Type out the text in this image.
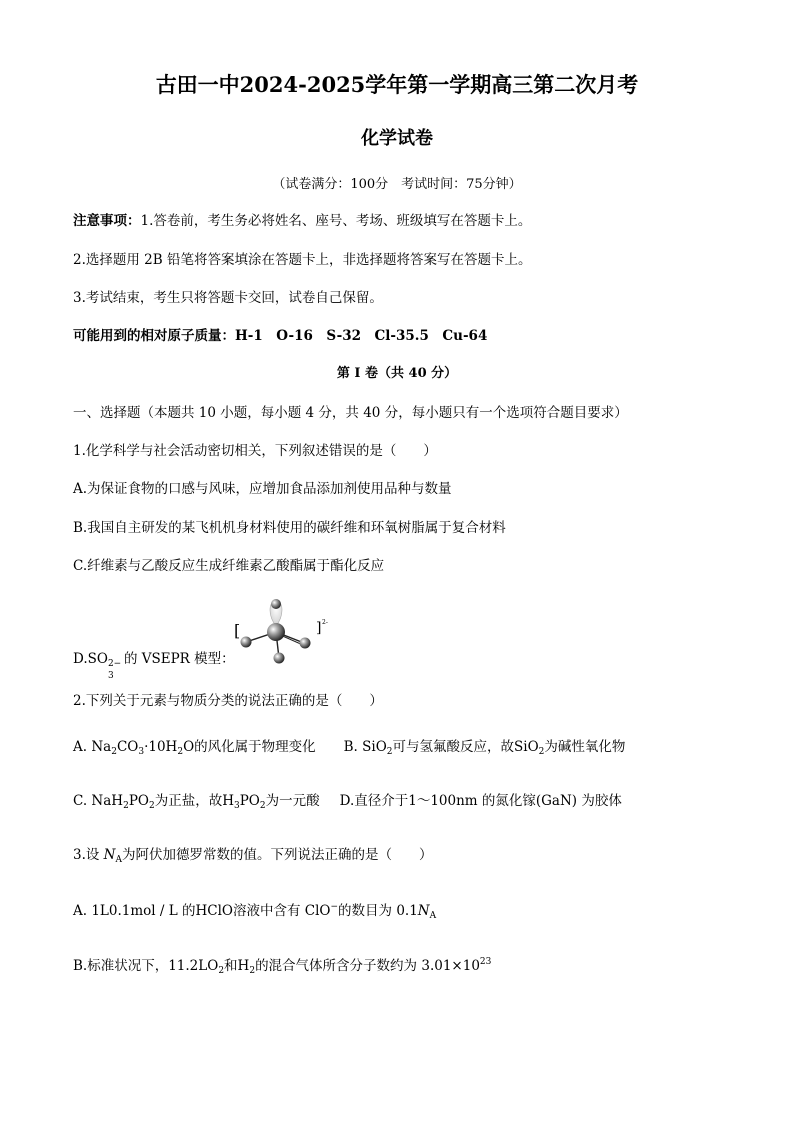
古田一中2024-2025学年第一学期高三第二次月考
化学试卷
（试卷满分：100分　考试时间：75分钟）
注意事项：1.答卷前，考生务必将姓名、座号、考场、班级填写在答题卡上。
2.选择题用 2B 铅笔将答案填涂在答题卡上，非选择题将答案写在答题卡上。
3.考试结束，考生只将答题卡交回，试卷自己保留。
可能用到的相对原子质量：H-1　O-16　S-32　Cl-35.5　Cu-64
第 I 卷（共 40 分）
一、选择题（本题共 10 小题，每小题 4 分，共 40 分，每小题只有一个选项符合题目要求）
1.化学科学与社会活动密切相关，下列叙述错误的是（　　）
A.为保证食物的口感与风味，应增加食品添加剂使用品种与数量
B.我国自主研发的某飞机机身材料使用的碳纤维和环氧树脂属于复合材料
C.纤维素与乙酸反应生成纤维素乙酸酯属于酯化反应
D.SO 2−
3
的 VSEPR 模型：
[	] 2-
2.下列关于元素与物质分类的说法正确的是（　　）
A. $Na_2CO_3\cdot 10H_2O$的风化属于物理变化 B. SiO$_2$可与氢氟酸反应，故SiO$_2$为碱性氧化物
C. $NaH_2PO_2$为正盐，故$H_3PO_2$为一元酸 D.直径介于1～100nm 的氮化镓(GaN) 为胶体
3.设 $N_A$为阿伏加德罗常数的值。下列说法正确的是（　　）
A. 1L0.1mol / L 的HClO溶液中含有 ClO−的数目为 $0.1N_A$
B.标准状况下，$11.2LO_2$和$H_2$的混合气体所含分子数约为 $3.01\times 10^{23}$
